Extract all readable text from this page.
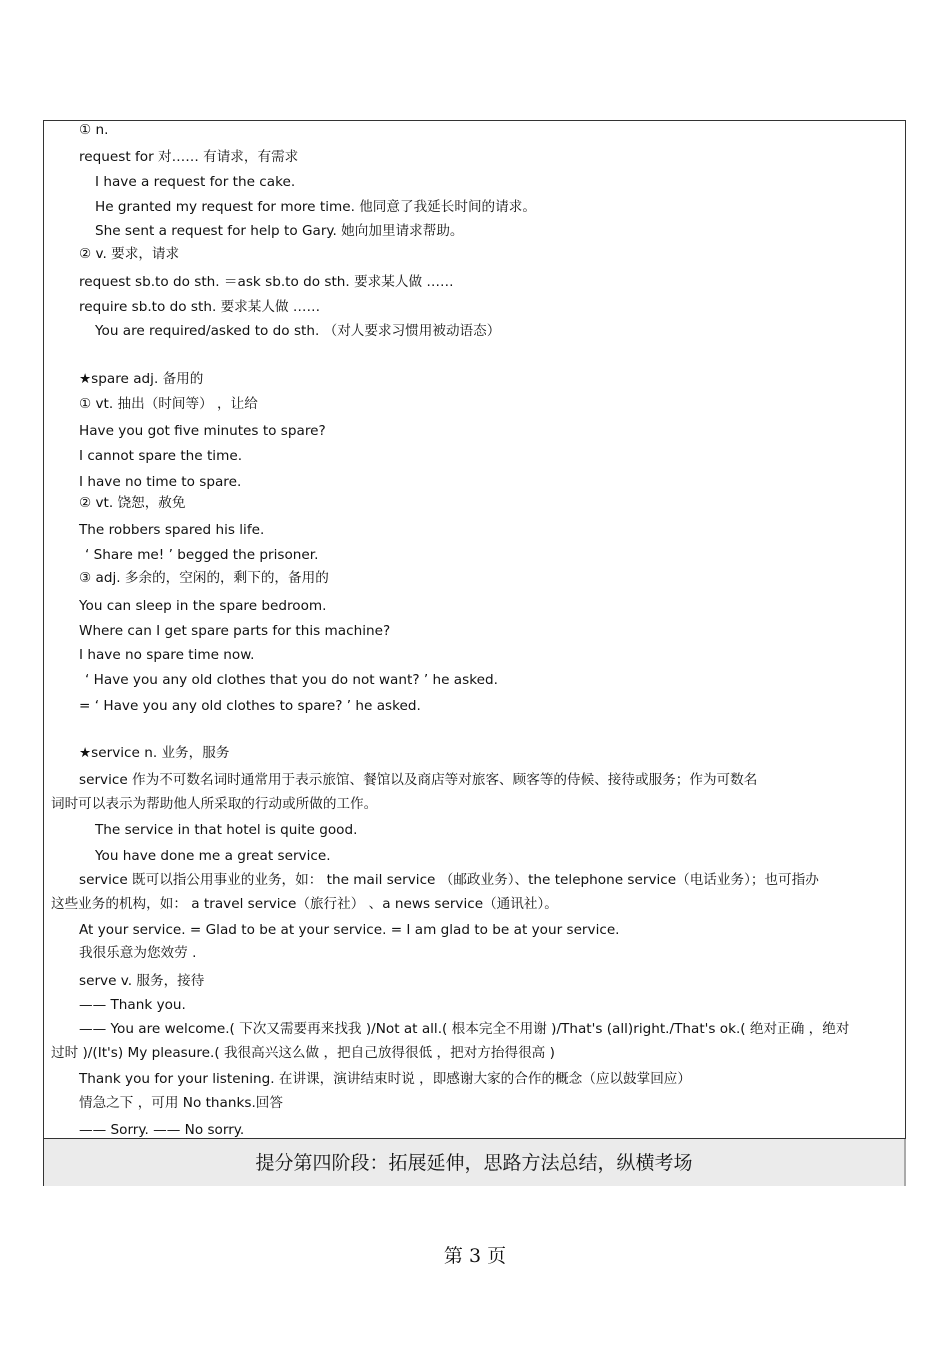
① n.
request for 对…… 有请求，有需求
I have a request for the cake.
He granted my request for more time. 他同意了我延长时间的请求。
She sent a request for help to Gary. 她向加里请求帮助。
② v. 要求，请求
request sb.to do sth. ＝ask sb.to do sth. 要求某人做 ……
require sb.to do sth. 要求某人做 ……
You are required/asked to do sth. （对人要求习惯用被动语态）
★spare adj. 备用的
① vt. 抽出（时间等） ，让给
Have you got five minutes to spare?
I cannot spare the time.
I have no time to spare.
② vt. 饶恕，赦免
The robbers spared his life.
‘ Share me! ’ begged the prisoner.
③ adj. 多余的，空闲的，剩下的，备用的
You can sleep in the spare bedroom.
Where can I get spare parts for this machine?
I have no spare time now.
‘ Have you any old clothes that you do not want? ’ he asked.
= ‘ Have you any old clothes to spare? ’ he asked.
★service n. 业务，服务
service 作为不可数名词时通常用于表示旅馆、餐馆以及商店等对旅客、顾客等的侍候、接待或服务；作为可数名
词时可以表示为帮助他人所采取的行动或所做的工作。
The service in that hotel is quite good.
You have done me a great service.
service 既可以指公用事业的业务，如： the mail service （邮政业务）、the telephone service（电话业务）；也可指办
这些业务的机构，如： a travel service（旅行社） 、a news service（通讯社）。
At your service. = Glad to be at your service. = I am glad to be at your service.
我很乐意为您效劳 .
serve v. 服务，接待
—— Thank you.
—— You are welcome.( 下次又需要再来找我 )/Not at all.( 根本完全不用谢 )/That's (all)right./That's ok.( 绝对正确 ，绝对
过时 )/(It's) My pleasure.( 我很高兴这么做 ，把自己放得很低 ，把对方抬得很高 )
Thank you for your listening. 在讲课，演讲结束时说 ，即感谢大家的合作的概念（应以鼓掌回应）
情急之下 ，可用 No thanks.回答
—— Sorry. —— No sorry.
提分第四阶段：拓展延伸，思路方法总结，纵横考场
第 3 页
